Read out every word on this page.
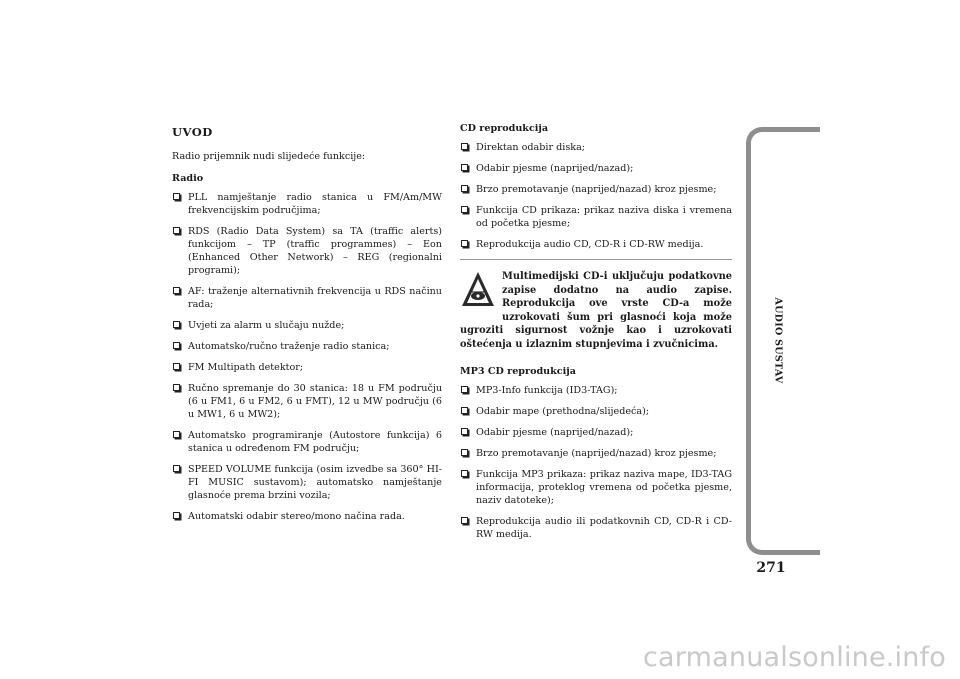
UVOD
Radio prijemnik nudi slijedeće funkcije:
Radio
PLL namještanje radio stanica u FM/Am/MW frekvencijskim područjima;
RDS (Radio Data System) sa TA (traffic alerts) funkcijom – TP (traffic programmes) – Eon (Enhanced Other Network) – REG (regionalni programi);
AF: traženje alternativnih frekvencija u RDS načinu rada;
Uvjeti za alarm u slučaju nužde;
Automatsko/ručno traženje radio stanica;
FM Multipath detektor;
Ručno spremanje do 30 stanica: 18 u FM području (6 u FM1, 6 u FM2, 6 u FMT), 12 u MW području (6 u MW1, 6 u MW2);
Automatsko programiranje (Autostore funkcija) 6 stanica u određenom FM području;
SPEED VOLUME funkcija (osim izvedbe sa 360° HI-FI MUSIC sustavom); automatsko namještanje glasnoće prema brzini vozila;
Automatski odabir stereo/mono načina rada.
CD reprodukcija
Direktan odabir diska;
Odabir pjesme (naprijed/nazad);
Brzo premotavanje (naprijed/nazad) kroz pjesme;
Funkcija CD prikaza: prikaz naziva diska i vremena od početka pjesme;
Reprodukcija audio CD, CD-R i CD-RW medija.
Multimedijski CD-i uključuju podatkovne zapise dodatno na audio zapise. Reprodukcija ove vrste CD-a može uzrokovati šum pri glasnoći koja može ugroziti sigurnost vožnje kao i uzrokovati oštećenja u izlaznim stupnjevima i zvučnicima.
MP3 CD reprodukcija
MP3-Info funkcija (ID3-TAG);
Odabir mape (prethodna/slijedeća);
Odabir pjesme (naprijed/nazad);
Brzo premotavanje (naprijed/nazad) kroz pjesme;
Funkcija MP3 prikaza: prikaz naziva mape, ID3-TAG informacija, proteklog vremena od početka pjesme, naziv datoteke);
Reprodukcija audio ili podatkovnih CD, CD-R i CD-RW medija.
AUDIO SUSTAV
271
carmanualsonline.info
